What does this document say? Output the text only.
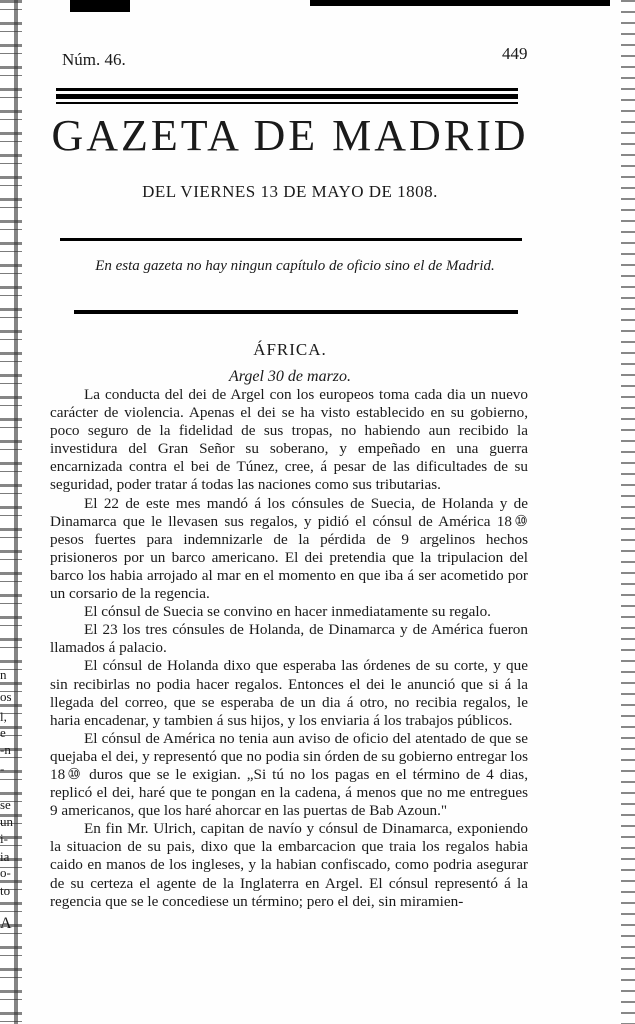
n
os
l,
e
-n
-
se
un
i-
ia
o-
to
A
Núm. 46.	449
GAZETA DE MADRID
DEL VIERNES 13 DE MAYO DE 1808.
En esta gazeta no hay ningun capítulo de oficio sino el de Madrid.
ÁFRICA.
Argel 30 de marzo.

La conducta del dei de Argel con los europeos toma cada dia un nuevo carácter de violencia. Apenas el dei se ha visto establecido en su gobierno, poco seguro de la fidelidad de sus tropas, no habiendo aun recibido la investidura del Gran Señor su soberano, y empeñado en una guerra encarnizada contra el bei de Túnez, cree, á pesar de las dificultades de su seguridad, poder tratar á todas las naciones como sus tributarias.

El 22 de este mes mandó á los cónsules de Suecia, de Holanda y de Dinamarca que le llevasen sus regalos, y pidió el cónsul de América 18⑩ pesos fuertes para indemnizarle de la pérdida de 9 argelinos hechos prisioneros por un barco americano. El dei pretendia que la tripulacion del barco los habia arrojado al mar en el momento en que iba á ser acometido por un corsario de la regencia.

El cónsul de Suecia se convino en hacer inmediatamente su regalo.

El 23 los tres cónsules de Holanda, de Dinamarca y de América fueron llamados á palacio.

El cónsul de Holanda dixo que esperaba las órdenes de su corte, y que sin recibirlas no podia hacer regalos. Entonces el dei le anunció que si á la llegada del correo, que se esperaba de un dia á otro, no recibia regalos, le haria encadenar, y tambien á sus hijos, y los enviaria á los trabajos públicos.

El cónsul de América no tenia aun aviso de oficio del atentado de que se quejaba el dei, y representó que no podia sin órden de su gobierno entregar los 18⑩ duros que se le exigian. „Si tú no los pagas en el término de 4 dias, replicó el dei, haré que te pongan en la cadena, á menos que no me entregues 9 americanos, que los haré ahorcar en las puertas de Bab Azoun."

En fin Mr. Ulrich, capitan de navío y cónsul de Dinamarca, exponiendo la situacion de su pais, dixo que la embarcacion que traia los regalos habia caido en manos de los ingleses, y la habian confiscado, como podria asegurar de su certeza el agente de la Inglaterra en Argel. El cónsul representó á la regencia que se le concediese un término; pero el dei, sin miramien-
